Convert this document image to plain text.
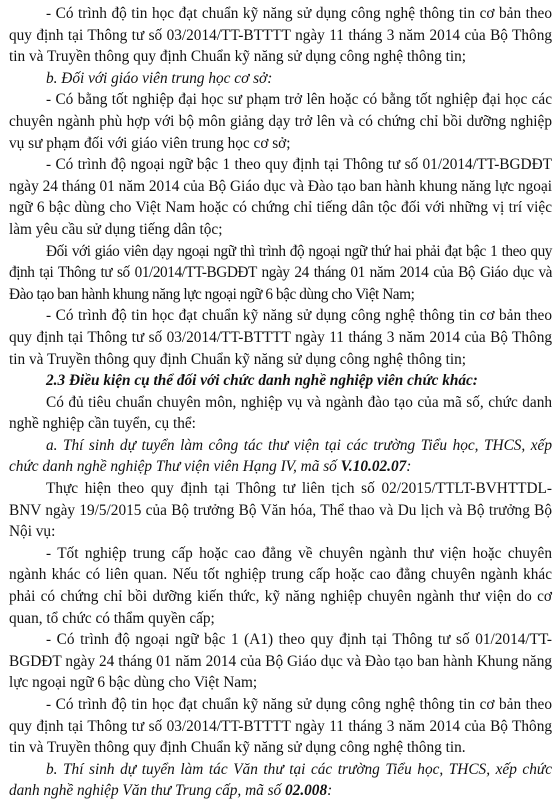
- Có trình độ tin học đạt chuẩn kỹ năng sử dụng công nghệ thông tin cơ bản theo quy định tại Thông tư số 03/2014/TT-BTTTT ngày 11 tháng 3 năm 2014 của Bộ Thông tin và Truyền thông quy định Chuẩn kỹ năng sử dụng công nghệ thông tin;

b. Đối với giáo viên trung học cơ sở:

- Có bằng tốt nghiệp đại học sư phạm trở lên hoặc có bằng tốt nghiệp đại học các chuyên ngành phù hợp với bộ môn giảng dạy trở lên và có chứng chỉ bồi dưỡng nghiệp vụ sư phạm đối với giáo viên trung học cơ sở;

- Có trình độ ngoại ngữ bậc 1 theo quy định tại Thông tư số 01/2014/TT-BGDĐT ngày 24 tháng 01 năm 2014 của Bộ Giáo dục và Đào tạo ban hành khung năng lực ngoại ngữ 6 bậc dùng cho Việt Nam hoặc có chứng chỉ tiếng dân tộc đối với những vị trí việc làm yêu cầu sử dụng tiếng dân tộc;

Đối với giáo viên dạy ngoại ngữ thì trình độ ngoại ngữ thứ hai phải đạt bậc 1 theo quy định tại Thông tư số 01/2014/TT-BGDĐT ngày 24 tháng 01 năm 2014 của Bộ Giáo dục và Đào tạo ban hành khung năng lực ngoại ngữ 6 bậc dùng cho Việt Nam;

- Có trình độ tin học đạt chuẩn kỹ năng sử dụng công nghệ thông tin cơ bản theo quy định tại Thông tư số 03/2014/TT-BTTTT ngày 11 tháng 3 năm 2014 của Bộ Thông tin và Truyền thông quy định Chuẩn kỹ năng sử dụng công nghệ thông tin;

2.3 Điều kiện cụ thể đối với chức danh nghề nghiệp viên chức khác:

Có đủ tiêu chuẩn chuyên môn, nghiệp vụ và ngành đào tạo của mã số, chức danh nghề nghiệp cần tuyển, cụ thể:

a. Thí sinh dự tuyển làm công tác thư viện tại các trường Tiểu học, THCS, xếp chức danh nghề nghiệp Thư viện viên Hạng IV, mã số V.10.02.07:

Thực hiện theo quy định tại Thông tư liên tịch số 02/2015/TTLT-BVHTTDL-BNV ngày 19/5/2015 của Bộ trưởng Bộ Văn hóa, Thể thao và Du lịch và Bộ trưởng Bộ Nội vụ:

- Tốt nghiệp trung cấp hoặc cao đẳng về chuyên ngành thư viện hoặc chuyên ngành khác có liên quan. Nếu tốt nghiệp trung cấp hoặc cao đẳng chuyên ngành khác phải có chứng chỉ bồi dưỡng kiến thức, kỹ năng nghiệp chuyên ngành thư viện do cơ quan, tổ chức có thẩm quyền cấp;

- Có trình độ ngoại ngữ bậc 1 (A1) theo quy định tại Thông tư số 01/2014/TT-BGDĐT ngày 24 tháng 01 năm 2014 của Bộ Giáo dục và Đào tạo ban hành Khung năng lực ngoại ngữ 6 bậc dùng cho Việt Nam;

- Có trình độ tin học đạt chuẩn kỹ năng sử dụng công nghệ thông tin cơ bản theo quy định tại Thông tư số 03/2014/TT-BTTTT ngày 11 tháng 3 năm 2014 của Bộ Thông tin và Truyền thông quy định Chuẩn kỹ năng sử dụng công nghệ thông tin.

b. Thí sinh dự tuyển làm tác Văn thư tại các trường Tiểu học, THCS, xếp chức danh nghề nghiệp Văn thư Trung cấp, mã số 02.008:
